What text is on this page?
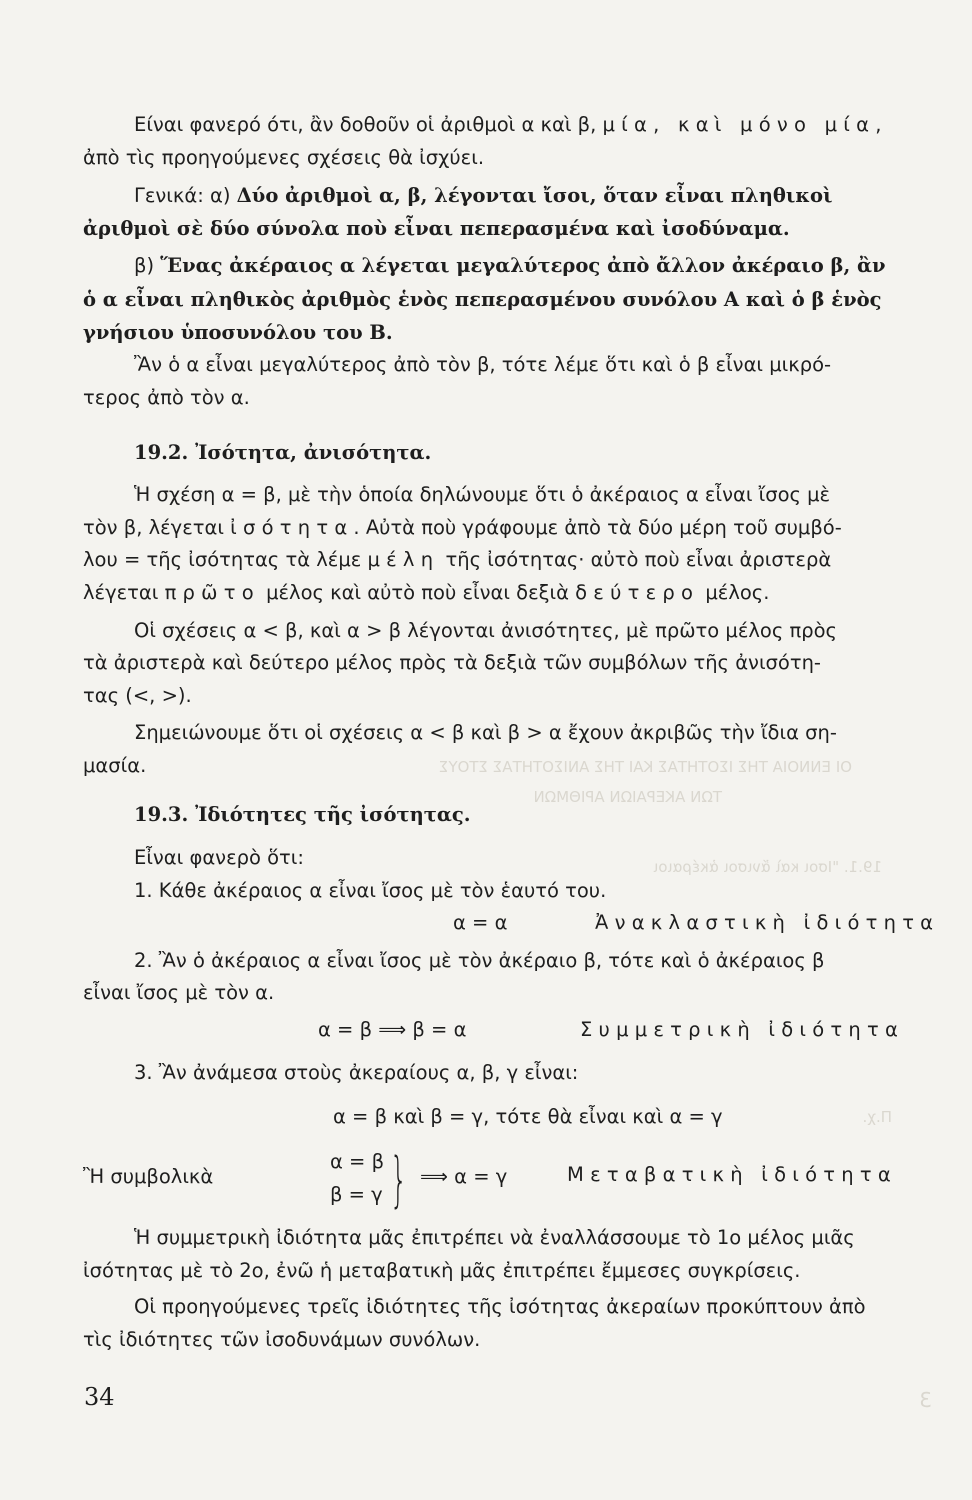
19.1. "Ισοι καὶ ἄνισοι ἀκέραιοι
ΟΙ ΕΝΝΟΙΑ ΤΗΣ ΙΣΟΤΗΤΑΣ ΚΑΙ ΤΗΣ ΑΝΙΣΟΤΗΤΑΣ ΣΤΟΥΣ
ΤΩΝ ΑΚΕΡΑΙΩΝ ΑΡΙΘΜΩΝ
Π.χ.
3
Είναι φανερό ότι, ἂν δοθοῦν οἱ ἀριθμοὶ α καὶ β, μία, καὶ μόνο μία,
ἀπὸ τὶς προηγούμενες σχέσεις θὰ ἰσχύει.
Γενικά: α) Δύο ἀριθμοὶ α, β, λέγονται ἴσοι, ὅταν εἶναι πληθικοὶ
ἀριθμοὶ σὲ δύο σύνολα ποὺ εἶναι πεπερασμένα καὶ ἰσοδύναμα.
β) Ἕνας ἀκέραιος α λέγεται μεγαλύτερος ἀπὸ ἄλλον ἀκέραιο β, ἂν
ὁ α εἶναι πληθικὸς ἀριθμὸς ἑνὸς πεπερασμένου συνόλου Α καὶ ὁ β ἑνὸς
γνήσιου ὑποσυνόλου του Β.
Ἂν ὁ α εἶναι μεγαλύτερος ἀπὸ τὸν β, τότε λέμε ὅτι καὶ ὁ β εἶναι μικρό-
τερος ἀπὸ τὸν α.
19.2. Ἰσότητα, ἀνισότητα.
Ἡ σχέση α = β, μὲ τὴν ὁποία δηλώνουμε ὅτι ὁ ἀκέραιος α εἶναι ἴσος μὲ
τὸν β, λέγεται ἰσότητα. Αὐτὰ ποὺ γράφουμε ἀπὸ τὰ δύο μέρη τοῦ συμβό-
λου = τῆς ἰσότητας τὰ λέμε μέλη τῆς ἰσότητας· αὐτὸ ποὺ εἶναι ἀριστερὰ
λέγεται πρῶτο μέλος καὶ αὐτὸ ποὺ εἶναι δεξιὰ δεύτερο μέλος.
Οἱ σχέσεις α < β, καὶ α > β λέγονται ἀνισότητες, μὲ πρῶτο μέλος πρὸς
τὰ ἀριστερὰ καὶ δεύτερο μέλος πρὸς τὰ δεξιὰ τῶν συμβόλων τῆς ἀνισότη-
τας (<, >).
Σημειώνουμε ὅτι οἱ σχέσεις α < β καὶ β > α ἔχουν ἀκριβῶς τὴν ἴδια ση-
μασία.
19.3. Ἰδιότητες τῆς ἰσότητας.
Εἶναι φανερὸ ὅτι:
1. Κάθε ἀκέραιος α εἶναι ἴσος μὲ τὸν ἑαυτό του.
α = α	Ἀνακλαστικὴ ἰδιότητα
2. Ἂν ὁ ἀκέραιος α εἶναι ἴσος μὲ τὸν ἀκέραιο β, τότε καὶ ὁ ἀκέραιος β
εἶναι ἴσος μὲ τὸν α.
α = β ⟹ β = α	Συμμετρικὴ ἰδιότητα
3. Ἂν ἀνάμεσα στοὺς ἀκεραίους α, β, γ εἶναι:
α = β καὶ β = γ, τότε θὰ εἶναι καὶ α = γ
Ἢ συμβολικὰ
α = β
β = γ } ⟹ α = γ	Μεταβατικὴ ἰδιότητα
Ἡ συμμετρικὴ ἰδιότητα μᾶς ἐπιτρέπει νὰ ἐναλλάσσουμε τὸ 1ο μέλος μιᾶς
ἰσότητας μὲ τὸ 2ο, ἐνῶ ἡ μεταβατικὴ μᾶς ἐπιτρέπει ἔμμεσες συγκρίσεις.
Οἱ προηγούμενες τρεῖς ἰδιότητες τῆς ἰσότητας ἀκεραίων προκύπτουν ἀπὸ
τὶς ἰδιότητες τῶν ἰσοδυνάμων συνόλων.
34
